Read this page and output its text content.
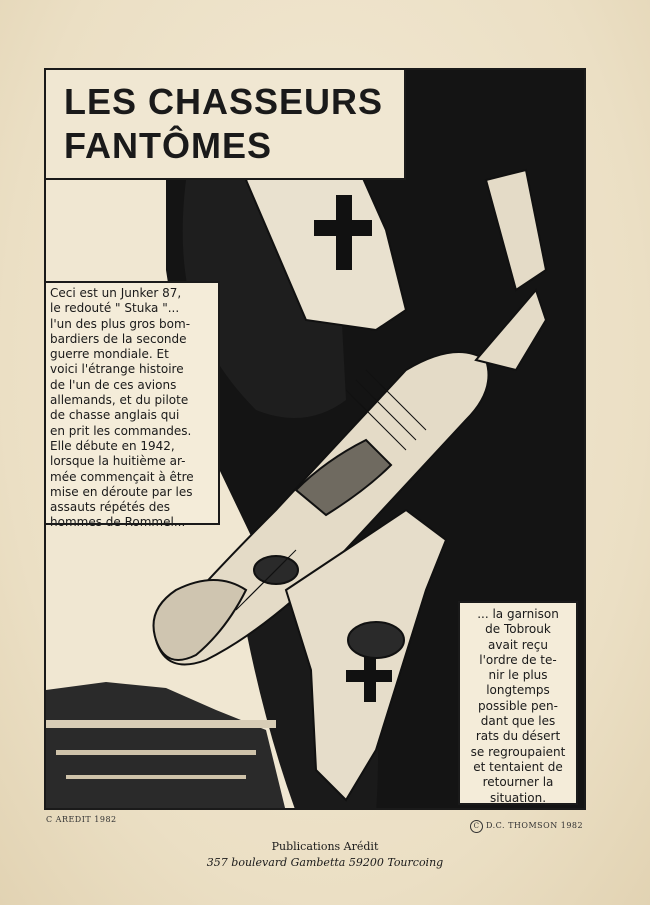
LES CHASSEURS
FANTÔMES
Ceci est un Junker 87,
le redouté " Stuka "...
l'un des plus gros bom-
bardiers de la seconde
guerre mondiale. Et
voici l'étrange histoire
de l'un de ces avions
allemands, et du pilote
de chasse anglais qui
en prit les commandes.
Elle débute en 1942,
lorsque la huitième ar-
mée commençait à être
mise en déroute par les
assauts répétés des
hommes de Rommel...
... la garnison
de Tobrouk
avait reçu
l'ordre de te-
nir le plus
longtemps
possible pen-
dant que les
rats du désert
se regroupaient
et tentaient de
retourner la
situation.
C AREDIT 1982
C D.C. THOMSON 1982
Publications Arédit
357 boulevard Gambetta 59200 Tourcoing
